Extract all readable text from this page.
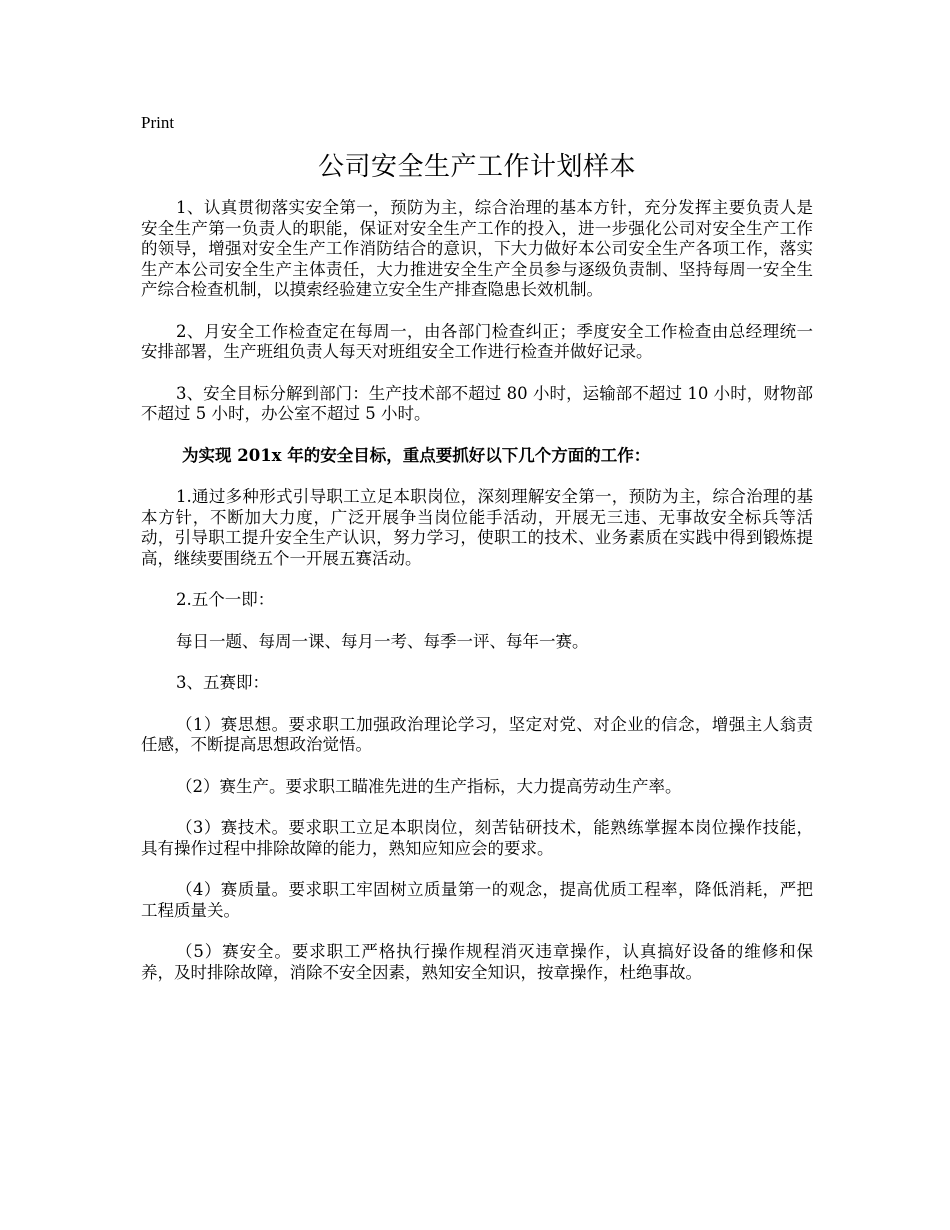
Print
公司安全生产工作计划样本

1、认真贯彻落实安全第一，预防为主，综合治理的基本方针，充分发挥主要负责人是安全生产第一负责人的职能，保证对安全生产工作的投入，进一步强化公司对安全生产工作的领导，增强对安全生产工作消防结合的意识，下大力做好本公司安全生产各项工作，落实生产本公司安全生产主体责任，大力推进安全生产全员参与逐级负责制、坚持每周一安全生产综合检查机制，以摸索经验建立安全生产排查隐患长效机制。

2、月安全工作检查定在每周一，由各部门检查纠正；季度安全工作检查由总经理统一安排部署，生产班组负责人每天对班组安全工作进行检查并做好记录。

3、安全目标分解到部门：生产技术部不超过 80 小时，运输部不超过 10 小时，财物部不超过 5 小时，办公室不超过 5 小时。

为实现 201x 年的安全目标，重点要抓好以下几个方面的工作：

1.通过多种形式引导职工立足本职岗位，深刻理解安全第一，预防为主，综合治理的基本方针，不断加大力度，广泛开展争当岗位能手活动，开展无三违、无事故安全标兵等活动，引导职工提升安全生产认识，努力学习，使职工的技术、业务素质在实践中得到锻炼提高，继续要围绕五个一开展五赛活动。

2.五个一即：

每日一题、每周一课、每月一考、每季一评、每年一赛。

3、五赛即：

（1）赛思想。要求职工加强政治理论学习，坚定对党、对企业的信念，增强主人翁责任感，不断提高思想政治觉悟。

（2）赛生产。要求职工瞄准先进的生产指标，大力提高劳动生产率。

（3）赛技术。要求职工立足本职岗位，刻苦钻研技术，能熟练掌握本岗位操作技能，具有操作过程中排除故障的能力，熟知应知应会的要求。

（4）赛质量。要求职工牢固树立质量第一的观念，提高优质工程率，降低消耗，严把工程质量关。

（5）赛安全。要求职工严格执行操作规程消灭违章操作，认真搞好设备的维修和保养，及时排除故障，消除不安全因素，熟知安全知识，按章操作，杜绝事故。
